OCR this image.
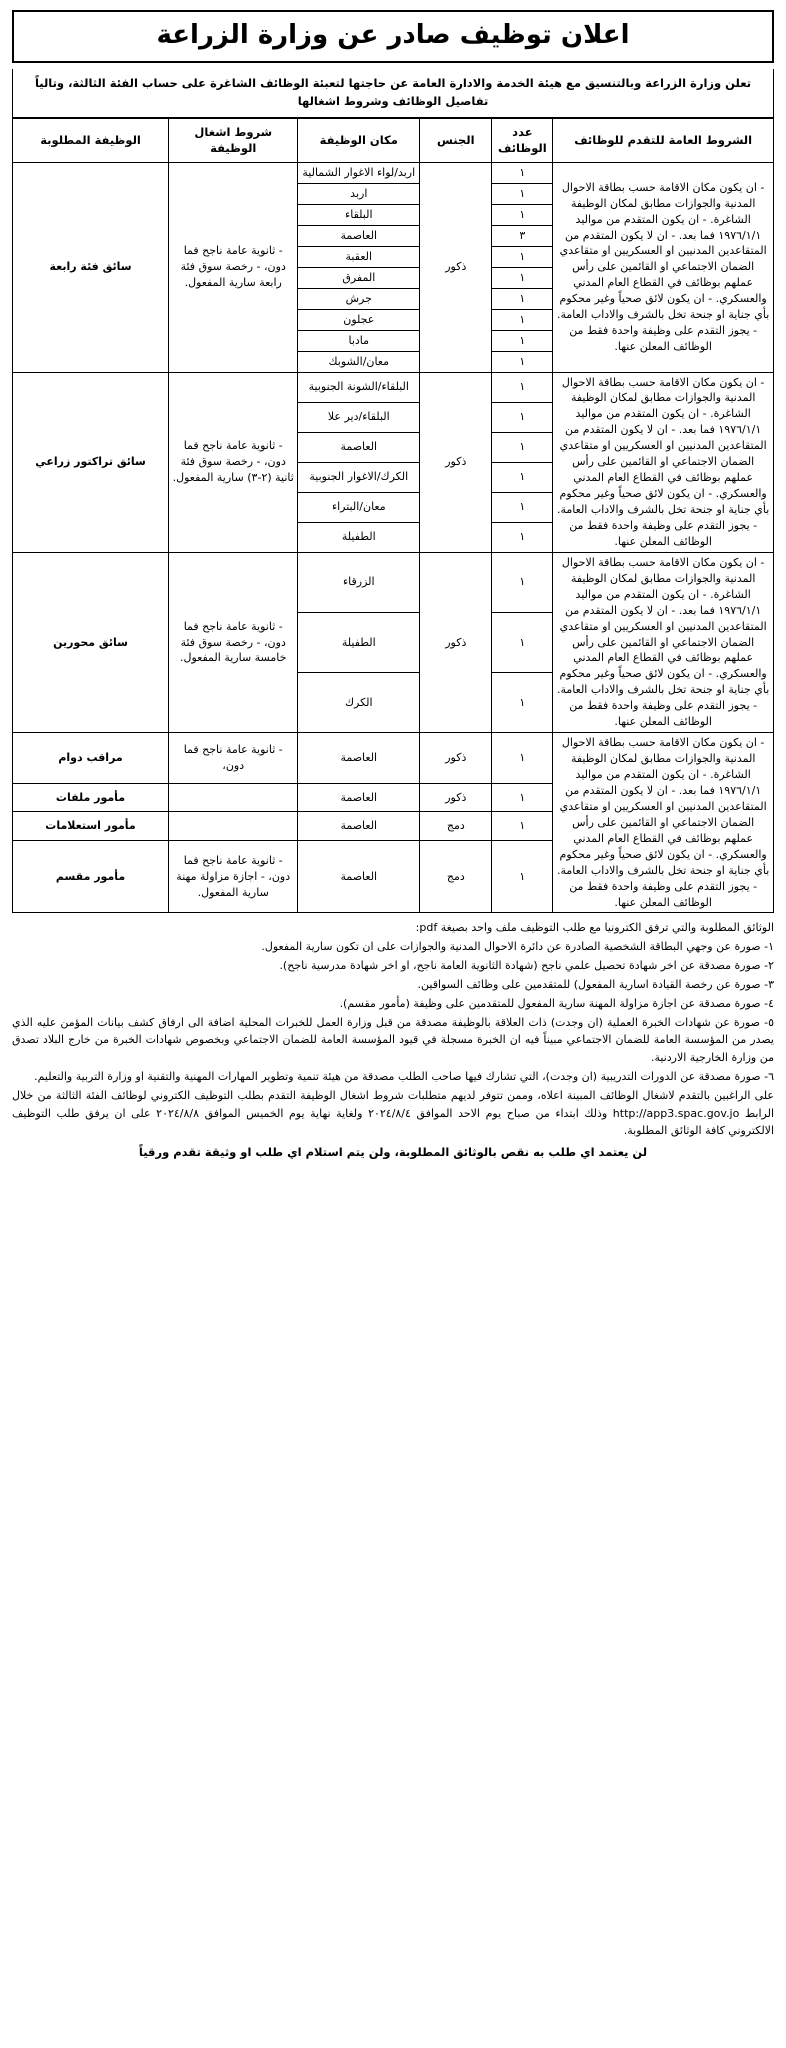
اعلان توظيف صادر عن وزارة الزراعة
تعلن وزارة الزراعة وبالتنسيق مع هيئة الخدمة والادارة العامة عن حاجتها لتعبئة الوظائف الشاغرة على حساب الفئة الثالثة، وتالياً تفاصيل الوظائف وشروط اشغالها
الشروط العامة للتقدم للوظائف	عدد الوظائف	الجنس	مكان الوظيفة	شروط اشغال الوظيفة	الوظيفة المطلوبة
- ان يكون مكان الاقامة حسب بطاقة الاحوال المدنية والجوازات مطابق لمكان الوظيفة الشاغرة. - ان يكون المتقدم من مواليد ١٩٧٦/١/١ فما بعد. - ان لا يكون المتقدم من المتقاعدين المدنيين او العسكريين او متقاعدي الضمان الاجتماعي او القائمين على رأس عملهم بوظائف في القطاع العام المدني والعسكري. - ان يكون لائق صحياً وغير محكوم بأي جناية او جنحة تخل بالشرف والاداب العامة. - يجوز التقدم على وظيفة واحدة فقط من الوظائف المعلن عنها.	١	ذكور	اربد/لواء الاغوار الشمالية	- ثانوية عامة ناجح فما دون، - رخصة سوق فئة رابعة سارية المفعول.	سائق فئة رابعة
	١		اربد		
	١		البلقاء		
	٣		العاصمة		
	١		العقبة		
	١		المفرق		
	١		جرش		
	١		عجلون		
	١		مادبا		
	١		معان/الشوبك		
- ان يكون مكان الاقامة حسب بطاقة الاحوال المدنية والجوازات مطابق لمكان الوظيفة الشاغرة. - ان يكون المتقدم من مواليد ١٩٧٦/١/١ فما بعد. - ان لا يكون المتقدم من المتقاعدين المدنيين او العسكريين او متقاعدي الضمان الاجتماعي او القائمين على رأس عملهم بوظائف في القطاع العام المدني والعسكري. - ان يكون لائق صحياً وغير محكوم بأي جناية او جنحة تخل بالشرف والاداب العامة. - يجوز التقدم على وظيفة واحدة فقط من الوظائف المعلن عنها.	١	ذكور	البلقاء/الشونة الجنوبية	- ثانوية عامة ناجح فما دون، - رخصة سوق فئة ثانية (٢-٣) سارية المفعول.	سائق تراكتور زراعي
	١		البلقاء/دير علا		
	١		العاصمة		
	١		الكرك/الاغوار الجنوبية		
	١		معان/البتراء		
	١		الطفيلة		
- ان يكون مكان الاقامة حسب بطاقة الاحوال المدنية والجوازات مطابق لمكان الوظيفة الشاغرة. - ان يكون المتقدم من مواليد ١٩٧٦/١/١ فما بعد. - ان لا يكون المتقدم من المتقاعدين المدنيين او العسكريين او متقاعدي الضمان الاجتماعي او القائمين على رأس عملهم بوظائف في القطاع العام المدني والعسكري. - ان يكون لائق صحياً وغير محكوم بأي جناية او جنحة تخل بالشرف والاداب العامة. - يجوز التقدم على وظيفة واحدة فقط من الوظائف المعلن عنها.	١	ذكور	الزرقاء	- ثانوية عامة ناجح فما دون، - رخصة سوق فئة خامسة سارية المفعول.	سائق محورين
	١		الطفيلة		
	١		الكرك		
- ان يكون مكان الاقامة حسب بطاقة الاحوال المدنية والجوازات مطابق لمكان الوظيفة الشاغرة. - ان يكون المتقدم من مواليد ١٩٧٦/١/١ فما بعد. - ان لا يكون المتقدم من المتقاعدين المدنيين او العسكريين او متقاعدي الضمان الاجتماعي او القائمين على رأس عملهم بوظائف في القطاع العام المدني والعسكري. - ان يكون لائق صحياً وغير محكوم بأي جناية او جنحة تخل بالشرف والاداب العامة. - يجوز التقدم على وظيفة واحدة فقط من الوظائف المعلن عنها.	١	ذكور	العاصمة	- ثانوية عامة ناجح فما دون،	مراقب دوام
	١	ذكور	العاصمة		مأمور ملفات
	١	دمج	العاصمة		مأمور استعلامات
	١	دمج	العاصمة	- ثانوية عامة ناجح فما دون، - اجازة مزاولة مهنة سارية المفعول.	مأمور مقسم

الوثائق المطلوبة والتي ترفق الكترونيا مع طلب التوظيف ملف واحد بصيغة pdf:

١- صورة عن وجهي البطاقة الشخصية الصادرة عن دائرة الاحوال المدنية والجوازات على ان تكون سارية المفعول.

٢- صورة مصدقة عن اخر شهادة تحصيل علمي ناجح (شهادة الثانوية العامة ناجح، او اخر شهادة مدرسية ناجح).

٣- صورة عن رخصة القيادة اسارية المفعول) للمتقدمين على وظائف السواقين.

٤- صورة مصدقة عن اجازة مزاولة المهنة سارية المفعول للمتقدمين على وظيفة (مأمور مقسم).

٥- صورة عن شهادات الخبرة العملية (ان وجدت) ذات العلاقة بالوظيفة مصدقة من قبل وزارة العمل للخبرات المحلية اضافة الى ارفاق كشف بيانات المؤمن عليه الذي يصدر من المؤسسة العامة للضمان الاجتماعي مبيناً فيه ان الخبرة مسجلة في قيود المؤسسة العامة للضمان الاجتماعي وبخصوص شهادات الخبرة من خارج البلاد تصدق من وزارة الخارجية الاردنية.

٦- صورة مصدقة عن الدورات التدريبية (ان وجدت)، التي تشارك فيها صاحب الطلب مصدقة من هيئة تنمية وتطوير المهارات المهنية والتقنية او وزارة التربية والتعليم.

على الراغبين بالتقدم لاشغال الوظائف المبينة اعلاه، وممن تتوفر لديهم متطلبات شروط اشغال الوظيفة التقدم بطلب التوظيف الكتروني لوظائف الفئة الثالثة من خلال الرابط http://app3.spac.gov.jo وذلك ابتداء من صباح يوم الاحد الموافق ٢٠٢٤/٨/٤ ولغاية نهاية يوم الخميس الموافق ٢٠٢٤/٨/٨ على ان يرفق طلب التوظيف الالكتروني كافة الوثائق المطلوبة.

لن يعتمد اي طلب به نقص بالوثائق المطلوبة، ولن يتم استلام اي طلب او وثيقة تقدم ورقياً
